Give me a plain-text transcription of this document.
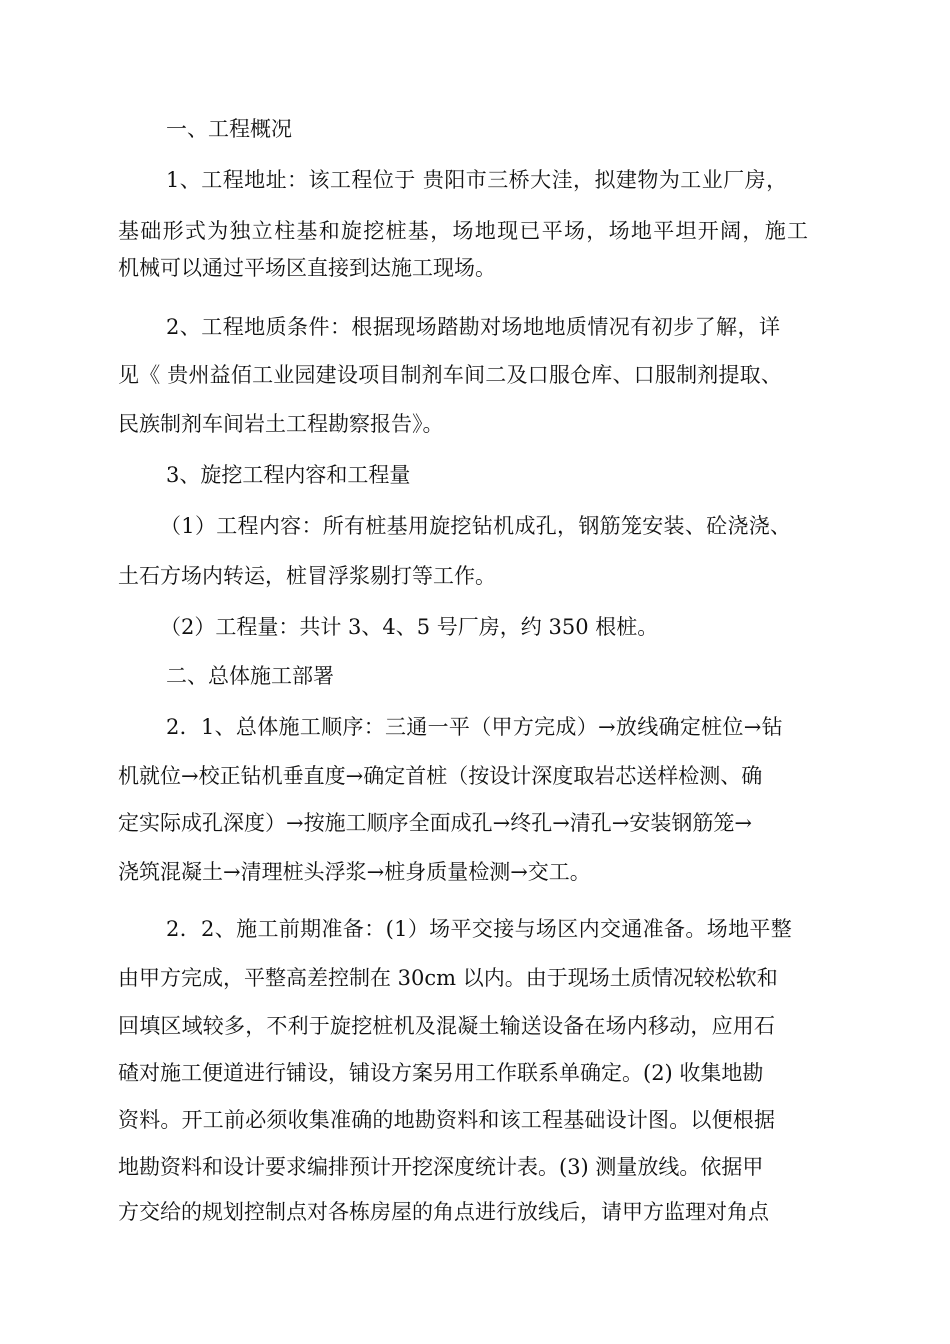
一、工程概况
1、工程地址：该工程位于 贵阳市三桥大洼，拟建物为工业厂房，
基础形式为独立柱基和旋挖桩基，场地现已平场，场地平坦开阔，施工
机械可以通过平场区直接到达施工现场。
2、工程地质条件：根据现场踏勘对场地地质情况有初步了解，详
见《 贵州益佰工业园建设项目制剂车间二及口服仓库、口服制剂提取、
民族制剂车间岩土工程勘察报告》。
3、旋挖工程内容和工程量
（1）工程内容：所有桩基用旋挖钻机成孔，钢筋笼安装、砼浇浇、
土石方场内转运，桩冒浮浆剔打等工作。
（2）工程量：共计 3、4、5 号厂房，约 350 根桩。
二、总体施工部署
2．1、总体施工顺序：三通一平（甲方完成）→放线确定桩位→钻
机就位→校正钻机垂直度→确定首桩（按设计深度取岩芯送样检测、确
定实际成孔深度）→按施工顺序全面成孔→终孔→清孔→安装钢筋笼→
浇筑混凝土→清理桩头浮浆→桩身质量检测→交工。
2．2、施工前期准备：(1）场平交接与场区内交通准备。场地平整
由甲方完成，平整高差控制在 30cm 以内。由于现场土质情况较松软和
回填区域较多，不利于旋挖桩机及混凝土输送设备在场内移动，应用石
碴对施工便道进行铺设，铺设方案另用工作联系单确定。(2) 收集地勘
资料。开工前必须收集准确的地勘资料和该工程基础设计图。以便根据
地勘资料和设计要求编排预计开挖深度统计表。(3) 测量放线。依据甲
方交给的规划控制点对各栋房屋的角点进行放线后，请甲方监理对角点
